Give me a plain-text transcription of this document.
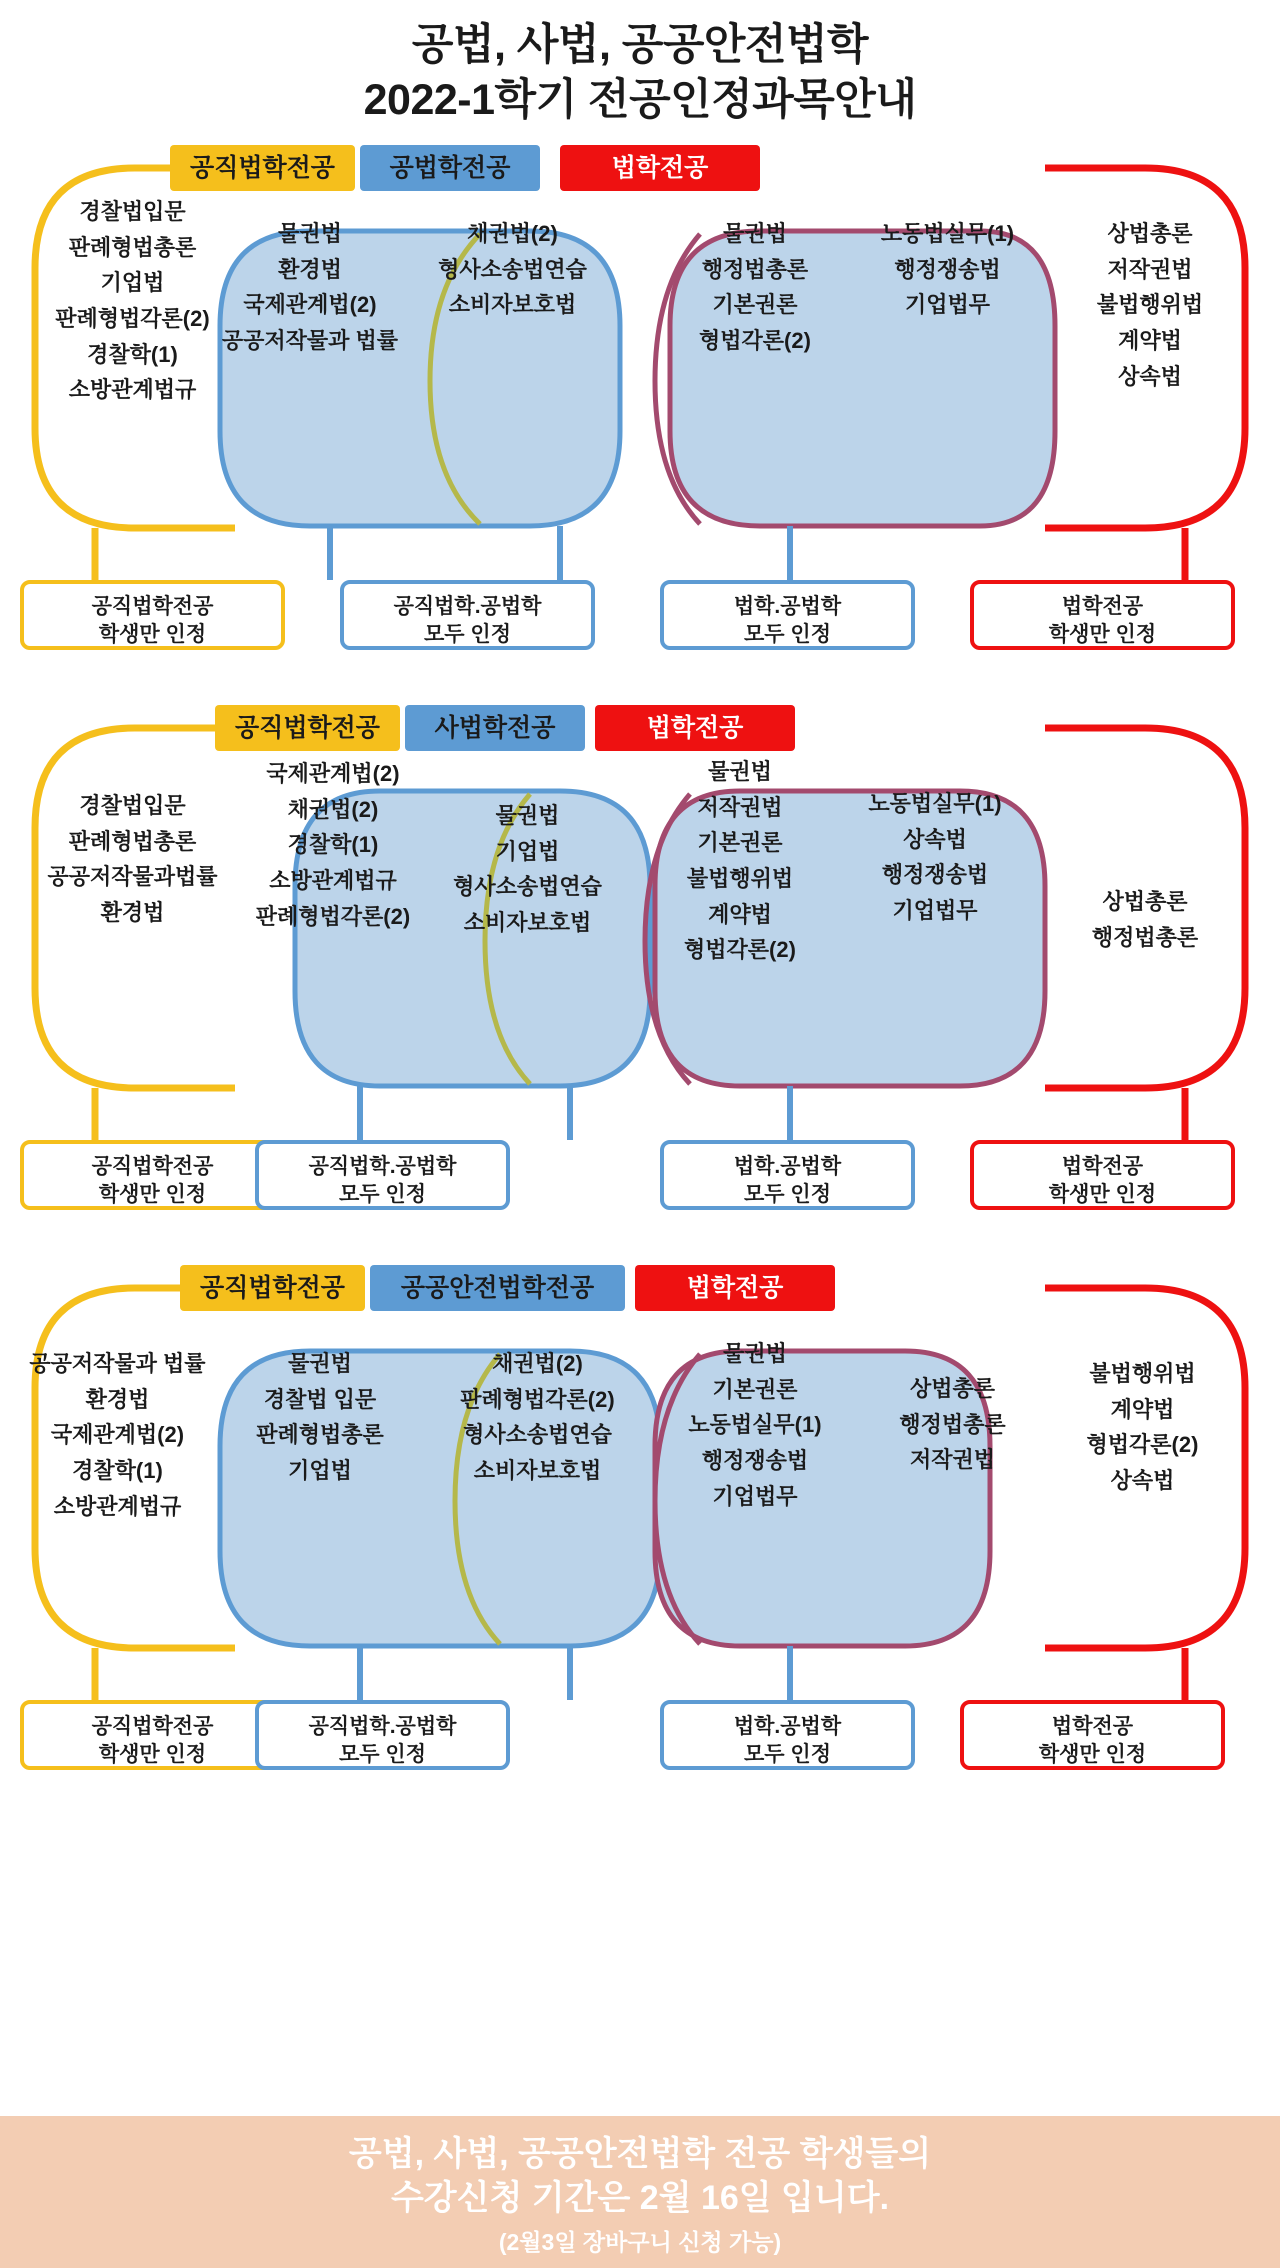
공법, 사법, 공공안전법학
2022-1학기 전공인정과목안내
공직법학전공	공법학전공	법학전공
경찰법입문
판례형법총론
기업법
판례형법각론(2)
경찰학(1)
소방관계법규
물권법
환경법
국제관계법(2)
공공저작물과 법률
채권법(2)
형사소송법연습
소비자보호법
물권법
행정법총론
기본권론
형법각론(2)
노동법실무(1)
행정쟁송법
기업법무
상법총론
저작권법
불법행위법
계약법
상속법
공직법학전공
학생만 인정
공직법학.공법학
모두 인정
법학.공법학
모두 인정
법학전공
학생만 인정
공직법학전공	사법학전공	법학전공
경찰법입문
판례형법총론
공공저작물과법률
환경법
국제관계법(2)
채권법(2)
경찰학(1)
소방관계법규
판례형법각론(2)
물권법
기업법
형사소송법연습
소비자보호법
물권법
저작권법
기본권론
불법행위법
계약법
형법각론(2)
노동법실무(1)
상속법
행정쟁송법
기업법무	상법총론
행정법총론
공직법학전공
학생만 인정
공직법학.공법학
모두 인정
법학.공법학
모두 인정
법학전공
학생만 인정
공직법학전공	공공안전법학전공	법학전공
공공저작물과 법률
환경법
국제관계법(2)
경찰학(1)
소방관계법규
물권법
경찰법 입문
판례형법총론
기업법
채권법(2)
판례형법각론(2)
형사소송법연습
소비자보호법
물권법
기본권론
노동법실무(1)
행정쟁송법
기업법무
상법총론
행정법총론
저작권법
불법행위법
계약법
형법각론(2)
상속법
공직법학전공
학생만 인정
공직법학.공법학
모두 인정
법학.공법학
모두 인정
법학전공
학생만 인정
공법, 사법, 공공안전법학 전공 학생들의
수강신청 기간은 2월 16일 입니다.
(2월3일 장바구니 신청 가능)
